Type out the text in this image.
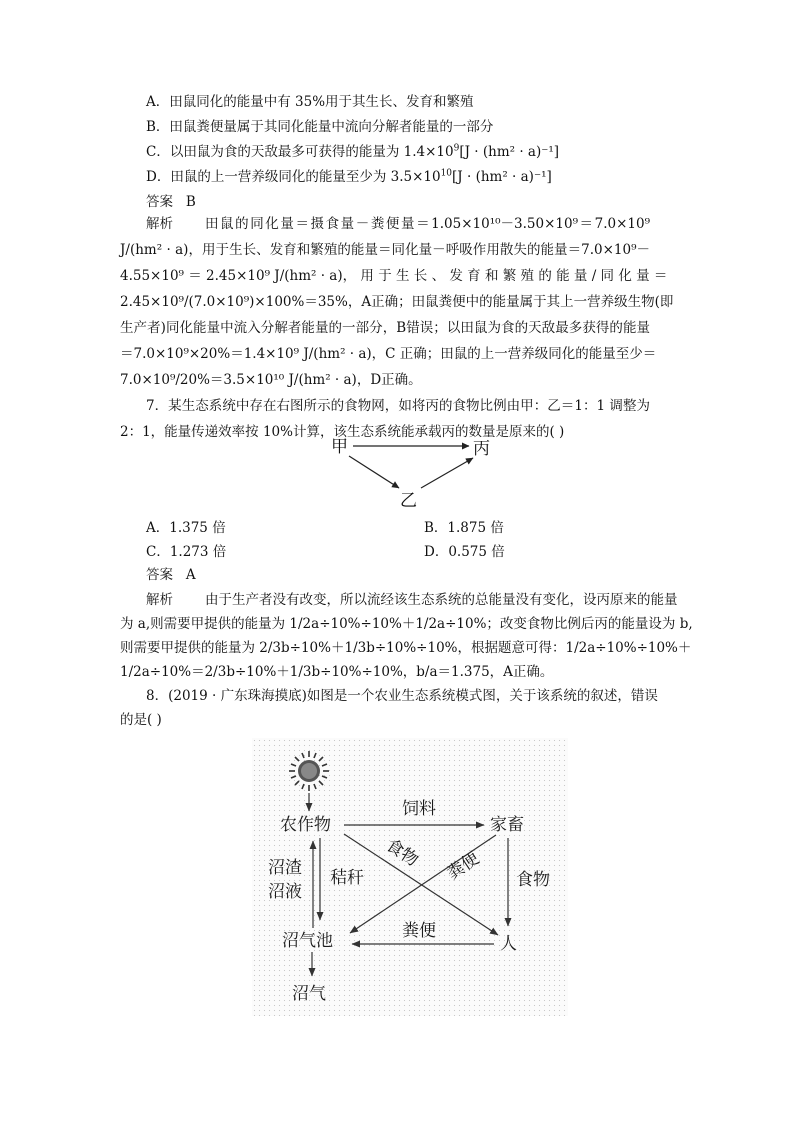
A．田鼠同化的能量中有 35%用于其生长、发育和繁殖
B．田鼠粪便量属于其同化能量中流向分解者能量的一部分
C．以田鼠为食的天敌最多可获得的能量为 $1.4\times 10^9[J \cdot (hm^2 \cdot a)^{-1}]$
D．田鼠的上一营养级同化的能量至少为 $3.5\times 10^{10}[J \cdot (hm^2 \cdot a)^{-1}]$
答案 B
解析 田鼠的同化量＝摄食量－粪便量＝1.05×10¹⁰－3.50×10⁹＝7.0×10⁹
J/(hm² · a)，用于生长、发育和繁殖的能量＝同化量－呼吸作用散失的能量＝7.0×10⁹－
4.55×10⁹ ＝ 2.45×10⁹ J/(hm² · a)， 用 于 生 长 、 发 育 和 繁 殖 的 能 量 / 同 化 量 ＝
2.45×10⁹/(7.0×10⁹)×100%＝35%，A正确；田鼠粪便中的能量属于其上一营养级生物(即
生产者)同化能量中流入分解者能量的一部分，B错误；以田鼠为食的天敌最多获得的能量
＝7.0×10⁹×20%＝1.4×10⁹ J/(hm² · a)，C 正确；田鼠的上一营养级同化的能量至少＝
7.0×10⁹/20%＝3.5×10¹⁰ J/(hm² · a)，D正确。
7．某生态系统中存在右图所示的食物网，如将丙的食物比例由甲：乙＝1：1 调整为
2：1，能量传递效率按 10%计算，该生态系统能承载丙的数量是原来的( )
甲	丙
乙
A．1.375 倍	B．1.875 倍
C．1.273 倍	D．0.575 倍
答案 A
解析 由于生产者没有改变，所以流经该生态系统的总能量没有变化，设丙原来的能量
为 a,则需要甲提供的能量为 1/2a÷10%÷10%＋1/2a÷10%；改变食物比例后丙的能量设为 b,
则需要甲提供的能量为 2/3b÷10%＋1/3b÷10%÷10%，根据题意可得：1/2a÷10%÷10%＋
1/2a÷10%＝2/3b÷10%＋1/3b÷10%÷10%，b/a＝1.375，A正确。
8．(2019 · 广东珠海摸底)如图是一个农业生态系统模式图，关于该系统的叙述，错误
的是( )
农作物	家畜
人
沼气池
沼气
饲料
食物 粪便 食物
粪便
秸秆
沼渣
沼液
